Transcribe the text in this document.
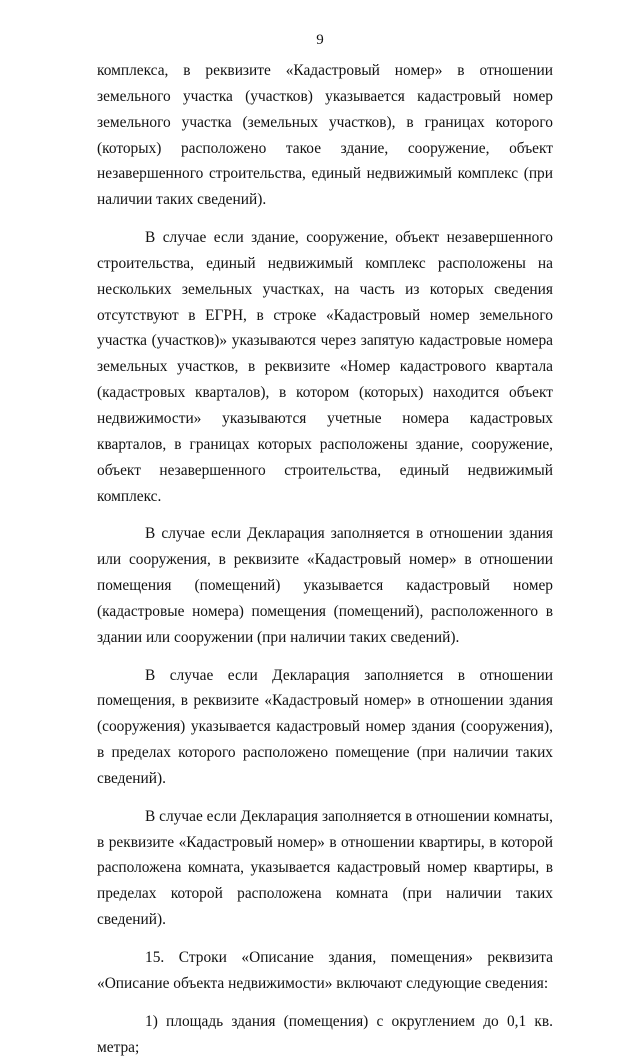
9

комплекса, в реквизите «Кадастровый номер» в отношении земельного участка (участков) указывается кадастровый номер земельного участка (земельных участков), в границах которого (которых) расположено такое здание, сооружение, объект незавершенного строительства, единый недвижимый комплекс (при наличии таких сведений).

В случае если здание, сооружение, объект незавершенного строительства, единый недвижимый комплекс расположены на нескольких земельных участках, на часть из которых сведения отсутствуют в ЕГРН, в строке «Кадастровый номер земельного участка (участков)» указываются через запятую кадастровые номера земельных участков, в реквизите «Номер кадастрового квартала (кадастровых кварталов), в котором (которых) находится объект недвижимости» указываются учетные номера кадастровых кварталов, в границах которых расположены здание, сооружение, объект незавершенного строительства, единый недвижимый комплекс.

В случае если Декларация заполняется в отношении здания или сооружения, в реквизите «Кадастровый номер» в отношении помещения (помещений) указывается кадастровый номер (кадастровые номера) помещения (помещений), расположенного в здании или сооружении (при наличии таких сведений).

В случае если Декларация заполняется в отношении помещения, в реквизите «Кадастровый номер» в отношении здания (сооружения) указывается кадастровый номер здания (сооружения), в пределах которого расположено помещение (при наличии таких сведений).

В случае если Декларация заполняется в отношении комнаты, в реквизите «Кадастровый номер» в отношении квартиры, в которой расположена комната, указывается кадастровый номер квартиры, в пределах которой расположена комната (при наличии таких сведений).

15. Строки «Описание здания, помещения» реквизита «Описание объекта недвижимости» включают следующие сведения:

1) площадь здания (помещения) с округлением до 0,1 кв. метра;
